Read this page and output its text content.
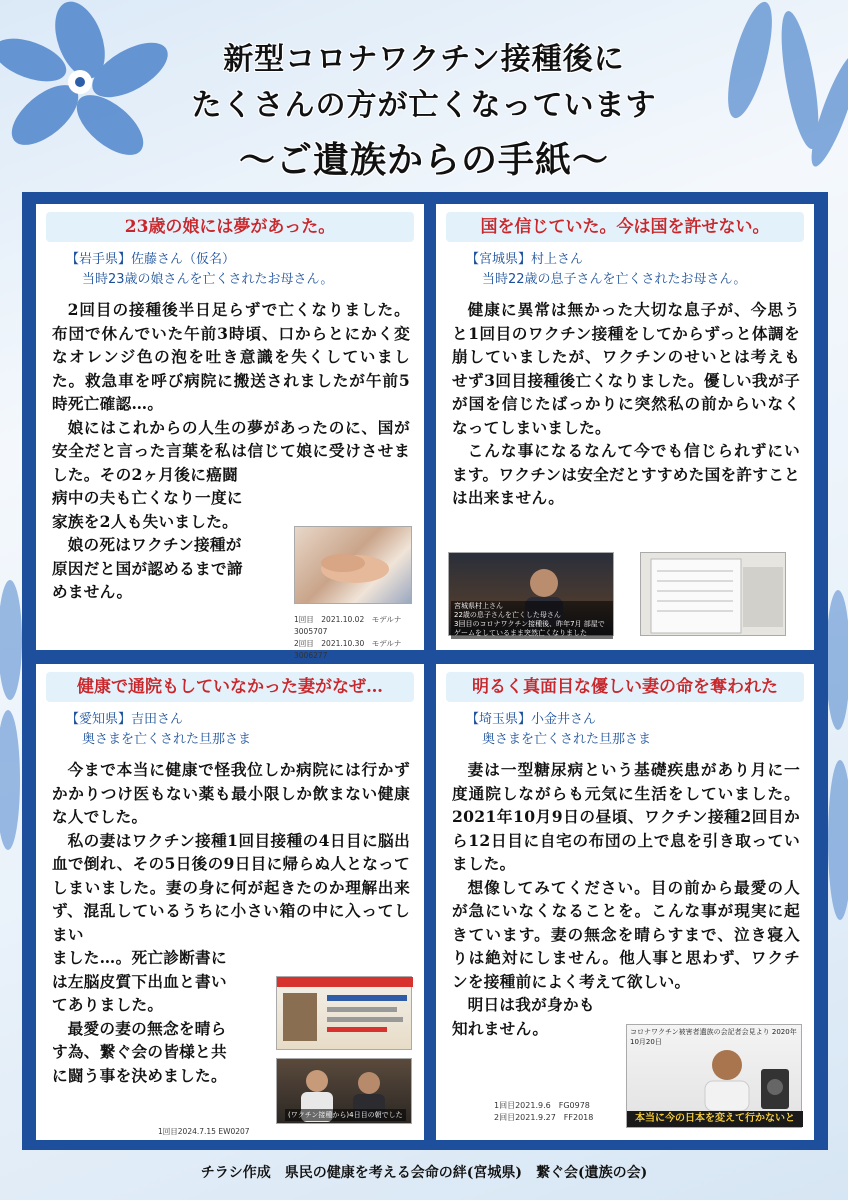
新型コロナワクチン接種後に
たくさんの方が亡くなっています
〜ご遺族からの手紙〜
23歳の娘には夢があった。
【岩手県】佐藤さん（仮名）
当時23歳の娘さんを亡くされたお母さん。

2回目の接種後半日足らずで亡くなりました。布団で休んでいた午前3時頃、口からとにかく変なオレンジ色の泡を吐き意識を失くしていました。救急車を呼び病院に搬送されましたが午前5時死亡確認…。

娘にはこれからの人生の夢があったのに、国が安全だと言った言葉を私は信じて娘に受けさせました。その2ヶ月後に癌闘

病中の夫も亡くなり一度に
家族を2人も失いました。
娘の死はワクチン接種が
原因だと国が認めるまで諦
めません。
1回目　2021.10.02　モデルナ 3005707
2回目　2021.10.30　モデルナ 3006277
国を信じていた。今は国を許せない。
【宮城県】村上さん
当時22歳の息子さんを亡くされたお母さん。

健康に異常は無かった大切な息子が、今思うと1回目のワクチン接種をしてからずっと体調を崩していましたが、ワクチンのせいとは考えもせず3回目接種後亡くなりました。優しい我が子が国を信じたばっかりに突然私の前からいなくなってしまいました。

こんな事になるなんて今でも信じられずにいます。ワクチンは安全だとすすめた国を許すことは出来ません。

宮城県村上さん
22歳の息子さんを亡くした母さん
3回目のコロナワクチン接種後、昨年7月 部屋でゲームをしているまま突然亡くなりました
健康で通院もしていなかった妻がなぜ…
【愛知県】吉田さん
奥さまを亡くされた旦那さま

今まで本当に健康で怪我位しか病院には行かずかかりつけ医もない薬も最小限しか飲まない健康な人でした。

私の妻はワクチン接種1回目接種の4日目に脳出血で倒れ、その5日後の9日目に帰らぬ人となってしまいました。妻の身に何が起きたのか理解出来ず、混乱しているうちに小さい箱の中に入ってしまい

ました…。死亡診断書に
は左脳皮質下出血と書い
てありました。
最愛の妻の無念を晴ら
す為、繋ぐ会の皆様と共
に闘う事を決めました。
(ワクチン接種から)4日目の朝でした
1回目2024.7.15 EW0207
明るく真面目な優しい妻の命を奪われた
【埼玉県】小金井さん
奥さまを亡くされた旦那さま

妻は一型糖尿病という基礎疾患があり月に一度通院しながらも元気に生活をしていました。2021年10月9日の昼頃、ワクチン接種2回目から12日目に自宅の布団の上で息を引き取っていました。

想像してみてください。目の前から最愛の人が急にいなくなることを。こんな事が現実に起きています。妻の無念を晴らすまで、泣き寝入りは絶対にしません。他人事と思わず、ワクチンを接種前によく考えて欲しい。

明日は我が身かも
知れません。	コロナワクチン被害者遺族の会記者会見より 2020年10月20日
本当に今の日本を変えて行かないと
1回目2021.9.6　FG0978
2回目2021.9.27　FF2018
チラシ作成　県民の健康を考える会命の絆(宮城県)　繋ぐ会(遺族の会)
